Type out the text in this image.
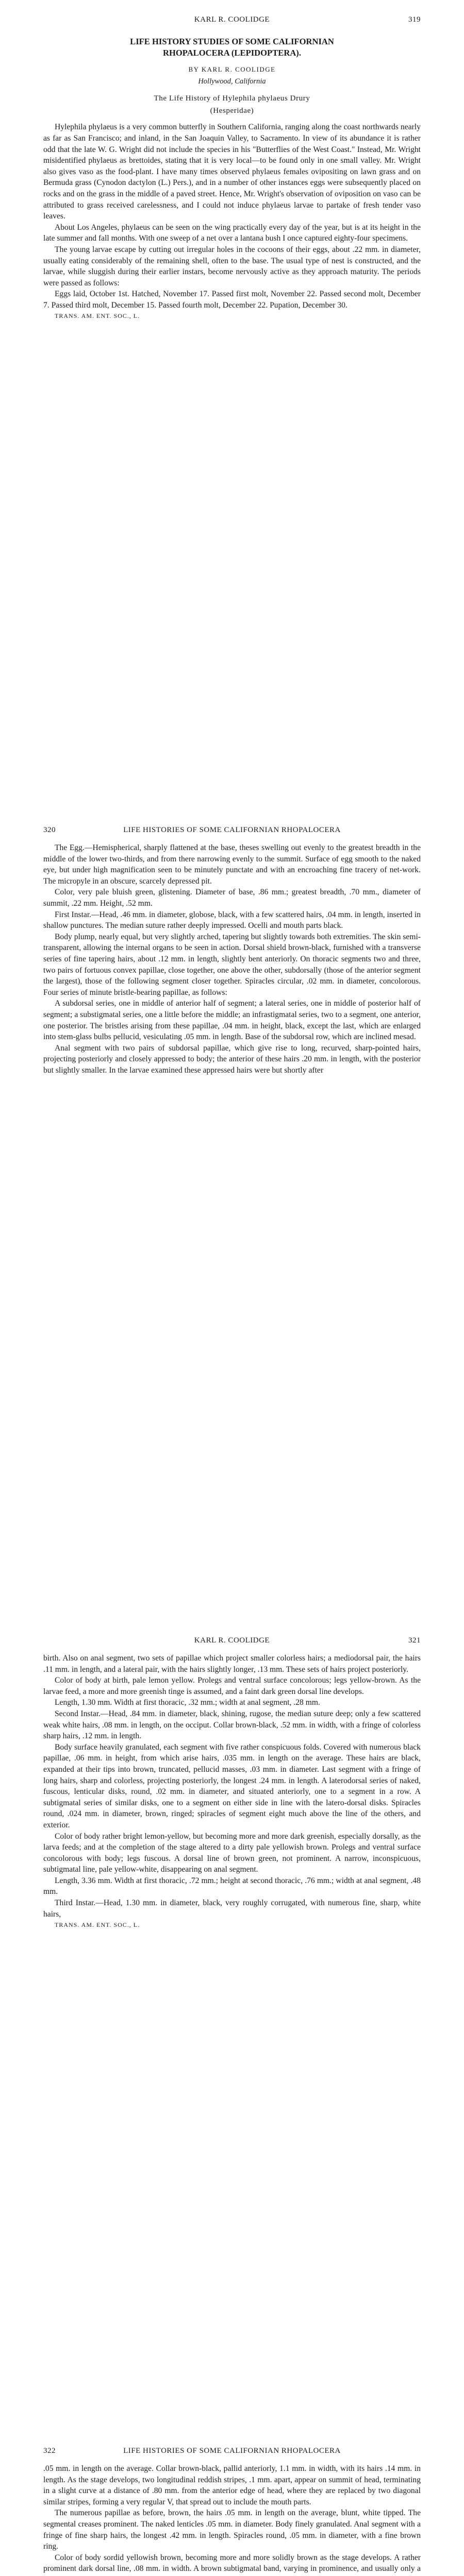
KARL R. COOLIDGE	319
LIFE HISTORY STUDIES OF SOME CALIFORNIAN
RHOPALOCERA (LEPIDOPTERA).
BY KARL R. COOLIDGE
Hollywood, California
The Life History of Hylephila phylaeus Drury
(Hesperidae)

Hylephila phylaeus is a very common butterfly in Southern California, ranging along the coast northwards nearly as far as San Francisco; and inland, in the San Joaquin Valley, to Sacramento. In view of its abundance it is rather odd that the late W. G. Wright did not include the species in his "Butterflies of the West Coast." Instead, Mr. Wright misidentified phylaeus as brettoides, stating that it is very local—to be found only in one small valley. Mr. Wright also gives vaso as the food-plant. I have many times observed phylaeus females ovipositing on lawn grass and on Bermuda grass (Cynodon dactylon (L.) Pers.), and in a number of other instances eggs were subsequently placed on rocks and on the grass in the middle of a paved street. Hence, Mr. Wright's observation of oviposition on vaso can be attributed to grass received carelessness, and I could not induce phylaeus larvae to partake of fresh tender vaso leaves.

About Los Angeles, phylaeus can be seen on the wing practically every day of the year, but is at its height in the late summer and fall months. With one sweep of a net over a lantana bush I once captured eighty-four specimens.

The young larvae escape by cutting out irregular holes in the cocoons of their eggs, about .22 mm. in diameter, usually eating considerably of the remaining shell, often to the base. The usual type of nest is constructed, and the larvae, while sluggish during their earlier instars, become nervously active as they approach maturity. The periods were passed as follows:

Eggs laid, October 1st. Hatched, November 17. Passed first molt, November 22. Passed second molt, December 7. Passed third molt, December 15. Passed fourth molt, December 22. Pupation, December 30.

TRANS. AM. ENT. SOC., L.

320	LIFE HISTORIES OF SOME CALIFORNIAN RHOPALOCERA

The Egg.—Hemispherical, sharply flattened at the base, theses swelling out evenly to the greatest breadth in the middle of the lower two-thirds, and from there narrowing evenly to the summit. Surface of egg smooth to the naked eye, but under high magnification seen to be minutely punctate and with an encroaching fine tracery of net-work. The micropyle in an obscure, scarcely depressed pit.

Color, very pale bluish green, glistening. Diameter of base, .86 mm.; greatest breadth, .70 mm., diameter of summit, .22 mm. Height, .52 mm.

First Instar.—Head, .46 mm. in diameter, globose, black, with a few scattered hairs, .04 mm. in length, inserted in shallow punctures. The median suture rather deeply impressed. Ocelli and mouth parts black.

Body plump, nearly equal, but very slightly arched, tapering but slightly towards both extremities. The skin semi-transparent, allowing the internal organs to be seen in action. Dorsal shield brown-black, furnished with a transverse series of fine tapering hairs, about .12 mm. in length, slightly bent anteriorly. On thoracic segments two and three, two pairs of fortuous convex papillae, close together, one above the other, subdorsally (those of the anterior segment the largest), those of the following segment closer together. Spiracles circular, .02 mm. in diameter, concolorous. Four series of minute bristle-bearing papillae, as follows:

A subdorsal series, one in middle of anterior half of segment; a lateral series, one in middle of posterior half of segment; a substigmatal series, one a little before the middle; an infrastigmatal series, two to a segment, one anterior, one posterior. The bristles arising from these papillae, .04 mm. in height, black, except the last, which are enlarged into stem-glass bulbs pellucid, vesiculating .05 mm. in length. Base of the subdorsal row, which are inclined mesad.

Anal segment with two pairs of subdorsal papillae, which give rise to long, recurved, sharp-pointed hairs, projecting posteriorly and closely appressed to body; the anterior of these hairs .20 mm. in length, with the posterior but slightly smaller. In the larvae examined these appressed hairs were but shortly after

KARL R. COOLIDGE	321

birth. Also on anal segment, two sets of papillae which project smaller colorless hairs; a mediodorsal pair, the hairs .11 mm. in length, and a lateral pair, with the hairs slightly longer, .13 mm. These sets of hairs project posteriorly.

Color of body at birth, pale lemon yellow. Prolegs and ventral surface concolorous; legs yellow-brown. As the larvae feed, a more and more greenish tinge is assumed, and a faint dark green dorsal line develops.

Length, 1.30 mm. Width at first thoracic, .32 mm.; width at anal segment, .28 mm.

Second Instar.—Head, .84 mm. in diameter, black, shining, rugose, the median suture deep; only a few scattered weak white hairs, .08 mm. in length, on the occiput. Collar brown-black, .52 mm. in width, with a fringe of colorless sharp hairs, .12 mm. in length.

Body surface heavily granulated, each segment with five rather conspicuous folds. Covered with numerous black papillae, .06 mm. in height, from which arise hairs, .035 mm. in length on the average. These hairs are black, expanded at their tips into brown, truncated, pellucid masses, .03 mm. in diameter. Last segment with a fringe of long hairs, sharp and colorless, projecting posteriorly, the longest .24 mm. in length. A laterodorsal series of naked, fuscous, lenticular disks, round, .02 mm. in diameter, and situated anteriorly, one to a segment in a row. A subtigmatal series of similar disks, one to a segment on either side in line with the latero-dorsal disks. Spiracles round, .024 mm. in diameter, brown, ringed; spiracles of segment eight much above the line of the others, and exterior.

Color of body rather bright lemon-yellow, but becoming more and more dark greenish, especially dorsally, as the larva feeds; and at the completion of the stage altered to a dirty pale yellowish brown. Prolegs and ventral surface concolorous with body; legs fuscous. A dorsal line of brown green, not prominent. A narrow, inconspicuous, subtigmatal line, pale yellow-white, disappearing on anal segment.

Length, 3.36 mm. Width at first thoracic, .72 mm.; height at second thoracic, .76 mm.; width at anal segment, .48 mm.

Third Instar.—Head, 1.30 mm. in diameter, black, very roughly corrugated, with numerous fine, sharp, white hairs,

TRANS. AM. ENT. SOC., L.

322	LIFE HISTORIES OF SOME CALIFORNIAN RHOPALOCERA

.05 mm. in length on the average. Collar brown-black, pallid anteriorly, 1.1 mm. in width, with its hairs .14 mm. in length. As the stage develops, two longitudinal reddish stripes, .1 mm. apart, appear on summit of head, terminating in a slight curve at a distance of .80 mm. from the anterior edge of head, where they are replaced by two diagonal similar stripes, forming a very regular V, that spread out to include the mouth parts.

The numerous papillae as before, brown, the hairs .05 mm. in length on the average, blunt, white tipped. The segmental creases prominent. The naked lenticles .05 mm. in diameter. Body finely granulated. Anal segment with a fringe of fine sharp hairs, the longest .42 mm. in length. Spiracles round, .05 mm. in diameter, with a fine brown ring.

Color of body sordid yellowish brown, becoming more and more solidly brown as the stage develops. A rather prominent dark dorsal line, .08 mm. in width. A brown subtigmatal band, varying in prominence, and usually only a
